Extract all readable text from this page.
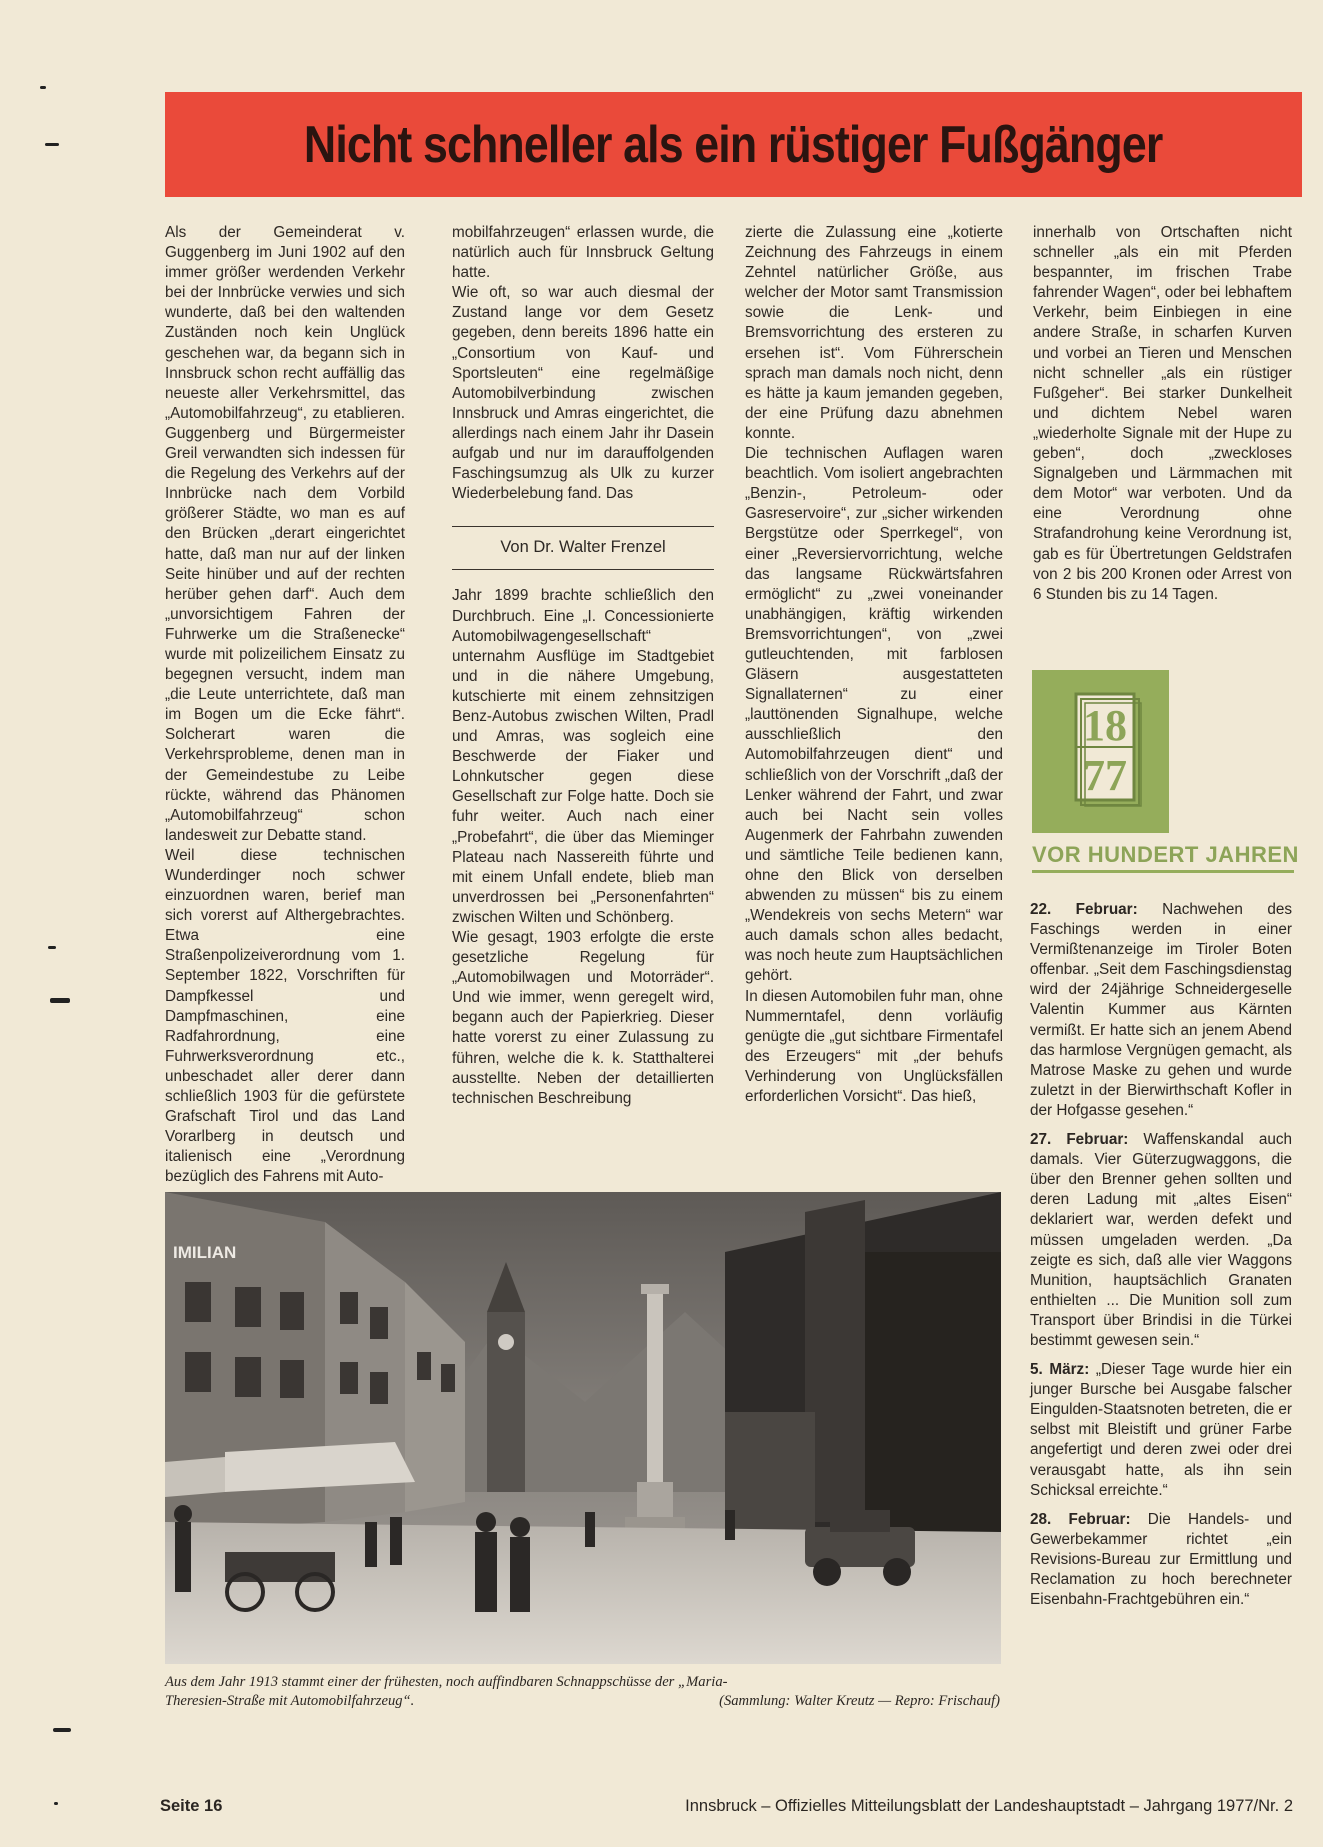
Nicht schneller als ein rüstiger Fußgänger

Als der Gemeinderat v. Guggenberg im Juni 1902 auf den immer größer werdenden Verkehr bei der Innbrücke verwies und sich wunderte, daß bei den waltenden Zuständen noch kein Unglück geschehen war, da begann sich in Innsbruck schon recht auffällig das neueste aller Verkehrsmittel, das „Automobilfahrzeug“, zu etablieren. Guggenberg und Bürgermeister Greil verwandten sich indessen für die Regelung des Verkehrs auf der Innbrücke nach dem Vorbild größerer Städte, wo man es auf den Brücken „derart eingerichtet hatte, daß man nur auf der linken Seite hinüber und auf der rechten herüber gehen darf“. Auch dem „unvorsichtigem Fahren der Fuhrwerke um die Straßenecke“ wurde mit polizeilichem Einsatz zu begegnen versucht, indem man „die Leute unterrichtete, daß man im Bogen um die Ecke fährt“. Solcherart waren die Verkehrsprobleme, denen man in der Gemeindestube zu Leibe rückte, während das Phänomen „Automobilfahrzeug“ schon landesweit zur Debatte stand.

Weil diese technischen Wunderdinger noch schwer einzuordnen waren, berief man sich vorerst auf Althergebrachtes. Etwa eine Straßenpolizeiverordnung vom 1. September 1822, Vorschriften für Dampfkessel und Dampfmaschinen, eine Radfahrordnung, eine Fuhrwerksverordnung etc., unbeschadet aller derer dann schließlich 1903 für die gefürstete Grafschaft Tirol und das Land Vorarlberg in deutsch und italienisch eine „Verordnung bezüglich des Fahrens mit Auto-

mobilfahrzeugen“ erlassen wurde, die natürlich auch für Innsbruck Geltung hatte.

Wie oft, so war auch diesmal der Zustand lange vor dem Gesetz gegeben, denn bereits 1896 hatte ein „Consortium von Kauf- und Sportsleuten“ eine regelmäßige Automobilverbindung zwischen Innsbruck und Amras eingerichtet, die allerdings nach einem Jahr ihr Dasein aufgab und nur im darauffolgenden Faschingsumzug als Ulk zu kurzer Wiederbelebung fand. Das

Von Dr. Walter Frenzel

Jahr 1899 brachte schließlich den Durchbruch. Eine „I. Concessionierte Automobilwagengesellschaft“ unternahm Ausflüge im Stadtgebiet und in die nähere Umgebung, kutschierte mit einem zehnsitzigen Benz-Autobus zwischen Wilten, Pradl und Amras, was sogleich eine Beschwerde der Fiaker und Lohnkutscher gegen diese Gesellschaft zur Folge hatte. Doch sie fuhr weiter. Auch nach einer „Probefahrt“, die über das Mieminger Plateau nach Nassereith führte und mit einem Unfall endete, blieb man unverdrossen bei „Personenfahrten“ zwischen Wilten und Schönberg.

Wie gesagt, 1903 erfolgte die erste gesetzliche Regelung für „Automobilwagen und Motorräder“. Und wie immer, wenn geregelt wird, begann auch der Papierkrieg. Dieser hatte vorerst zu einer Zulassung zu führen, welche die k. k. Statthalterei ausstellte. Neben der detaillierten technischen Beschreibung

zierte die Zulassung eine „kotierte Zeichnung des Fahrzeugs in einem Zehntel natürlicher Größe, aus welcher der Motor samt Transmission sowie die Lenk- und Bremsvorrichtung des ersteren zu ersehen ist“. Vom Führerschein sprach man damals noch nicht, denn es hätte ja kaum jemanden gegeben, der eine Prüfung dazu abnehmen konnte.

Die technischen Auflagen waren beachtlich. Vom isoliert angebrachten „Benzin-, Petroleum- oder Gasreservoire“, zur „sicher wirkenden Bergstütze oder Sperrkegel“, von einer „Reversiervorrichtung, welche das langsame Rückwärtsfahren ermöglicht“ zu „zwei voneinander unabhängigen, kräftig wirkenden Bremsvorrichtungen“, von „zwei gutleuchtenden, mit farblosen Gläsern ausgestatteten Signallaternen“ zu einer „lauttönenden Signalhupe, welche ausschließlich den Automobilfahrzeugen dient“ und schließlich von der Vorschrift „daß der Lenker während der Fahrt, und zwar auch bei Nacht sein volles Augenmerk der Fahrbahn zuwenden und sämtliche Teile bedienen kann, ohne den Blick von derselben abwenden zu müssen“ bis zu einem „Wendekreis von sechs Metern“ war auch damals schon alles bedacht, was noch heute zum Hauptsächlichen gehört.

In diesen Automobilen fuhr man, ohne Nummerntafel, denn vorläufig genügte die „gut sichtbare Firmentafel des Erzeugers“ mit „der behufs Verhinderung von Unglücksfällen erforderlichen Vorsicht“. Das hieß,

innerhalb von Ortschaften nicht schneller „als ein mit Pferden bespannter, im frischen Trabe fahrender Wagen“, oder bei lebhaftem Verkehr, beim Einbiegen in eine andere Straße, in scharfen Kurven und vorbei an Tieren und Menschen nicht schneller „als ein rüstiger Fußgeher“. Bei starker Dunkelheit und dichtem Nebel waren „wiederholte Signale mit der Hupe zu geben“, doch „zweckloses Signalgeben und Lärmmachen mit dem Motor“ war verboten. Und da eine Verordnung ohne Strafandrohung keine Verordnung ist, gab es für Übertretungen Geldstrafen von 2 bis 200 Kronen oder Arrest von 6 Stunden bis zu 14 Tagen.

18
77
VOR HUNDERT JAHREN

22. Februar: Nachwehen des Faschings werden in einer Vermißtenanzeige im Tiroler Boten offenbar. „Seit dem Faschingsdienstag wird der 24jährige Schneidergeselle Valentin Kummer aus Kärnten vermißt. Er hatte sich an jenem Abend das harmlose Vergnügen gemacht, als Matrose Maske zu gehen und wurde zuletzt in der Bierwirthschaft Kofler in der Hofgasse gesehen.“

27. Februar: Waffenskandal auch damals. Vier Güterzugwaggons, die über den Brenner gehen sollten und deren Ladung mit „altes Eisen“ deklariert war, werden defekt und müssen umgeladen werden. „Da zeigte es sich, daß alle vier Waggons Munition, hauptsächlich Granaten enthielten ... Die Munition soll zum Transport über Brindisi in die Türkei bestimmt gewesen sein.“

5. März: „Dieser Tage wurde hier ein junger Bursche bei Ausgabe falscher Eingulden-Staatsnoten betreten, die er selbst mit Bleistift und grüner Farbe angefertigt und deren zwei oder drei verausgabt hatte, als ihn sein Schicksal erreichte.“

28. Februar: Die Handels- und Gewerbekammer richtet „ein Revisions-Bureau zur Ermittlung und Reclamation zu hoch berechneter Eisenbahn-Frachtgebühren ein.“

IMILIAN
Aus dem Jahr 1913 stammt einer der frühesten, noch auffindbaren Schnappschüsse der „Maria-Theresien-Straße mit Automobilfahrzeug“.	(Sammlung: Walter Kreutz — Repro: Frischauf)
Seite 16	Innsbruck – Offizielles Mitteilungsblatt der Landeshauptstadt – Jahrgang 1977/Nr. 2
